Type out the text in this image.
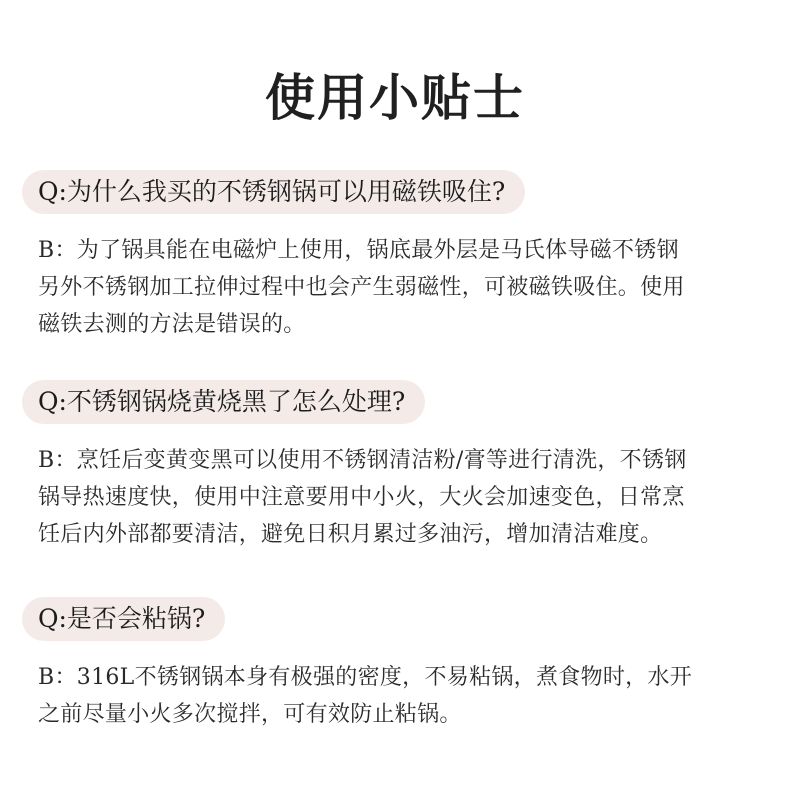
使用小贴士
Q:为什么我买的不锈钢锅可以用磁铁吸住?
B：为了锅具能在电磁炉上使用，锅底最外层是马氏体导磁不锈钢
另外不锈钢加工拉伸过程中也会产生弱磁性，可被磁铁吸住。使用
磁铁去测的方法是错误的。
Q:不锈钢锅烧黄烧黑了怎么处理?
B：烹饪后变黄变黑可以使用不锈钢清洁粉/膏等进行清洗，不锈钢
锅导热速度快，使用中注意要用中小火，大火会加速变色，日常烹
饪后内外部都要清洁，避免日积月累过多油污，增加清洁难度。
Q:是否会粘锅?
B：316L不锈钢锅本身有极强的密度，不易粘锅，煮食物时，水开
之前尽量小火多次搅拌，可有效防止粘锅。
